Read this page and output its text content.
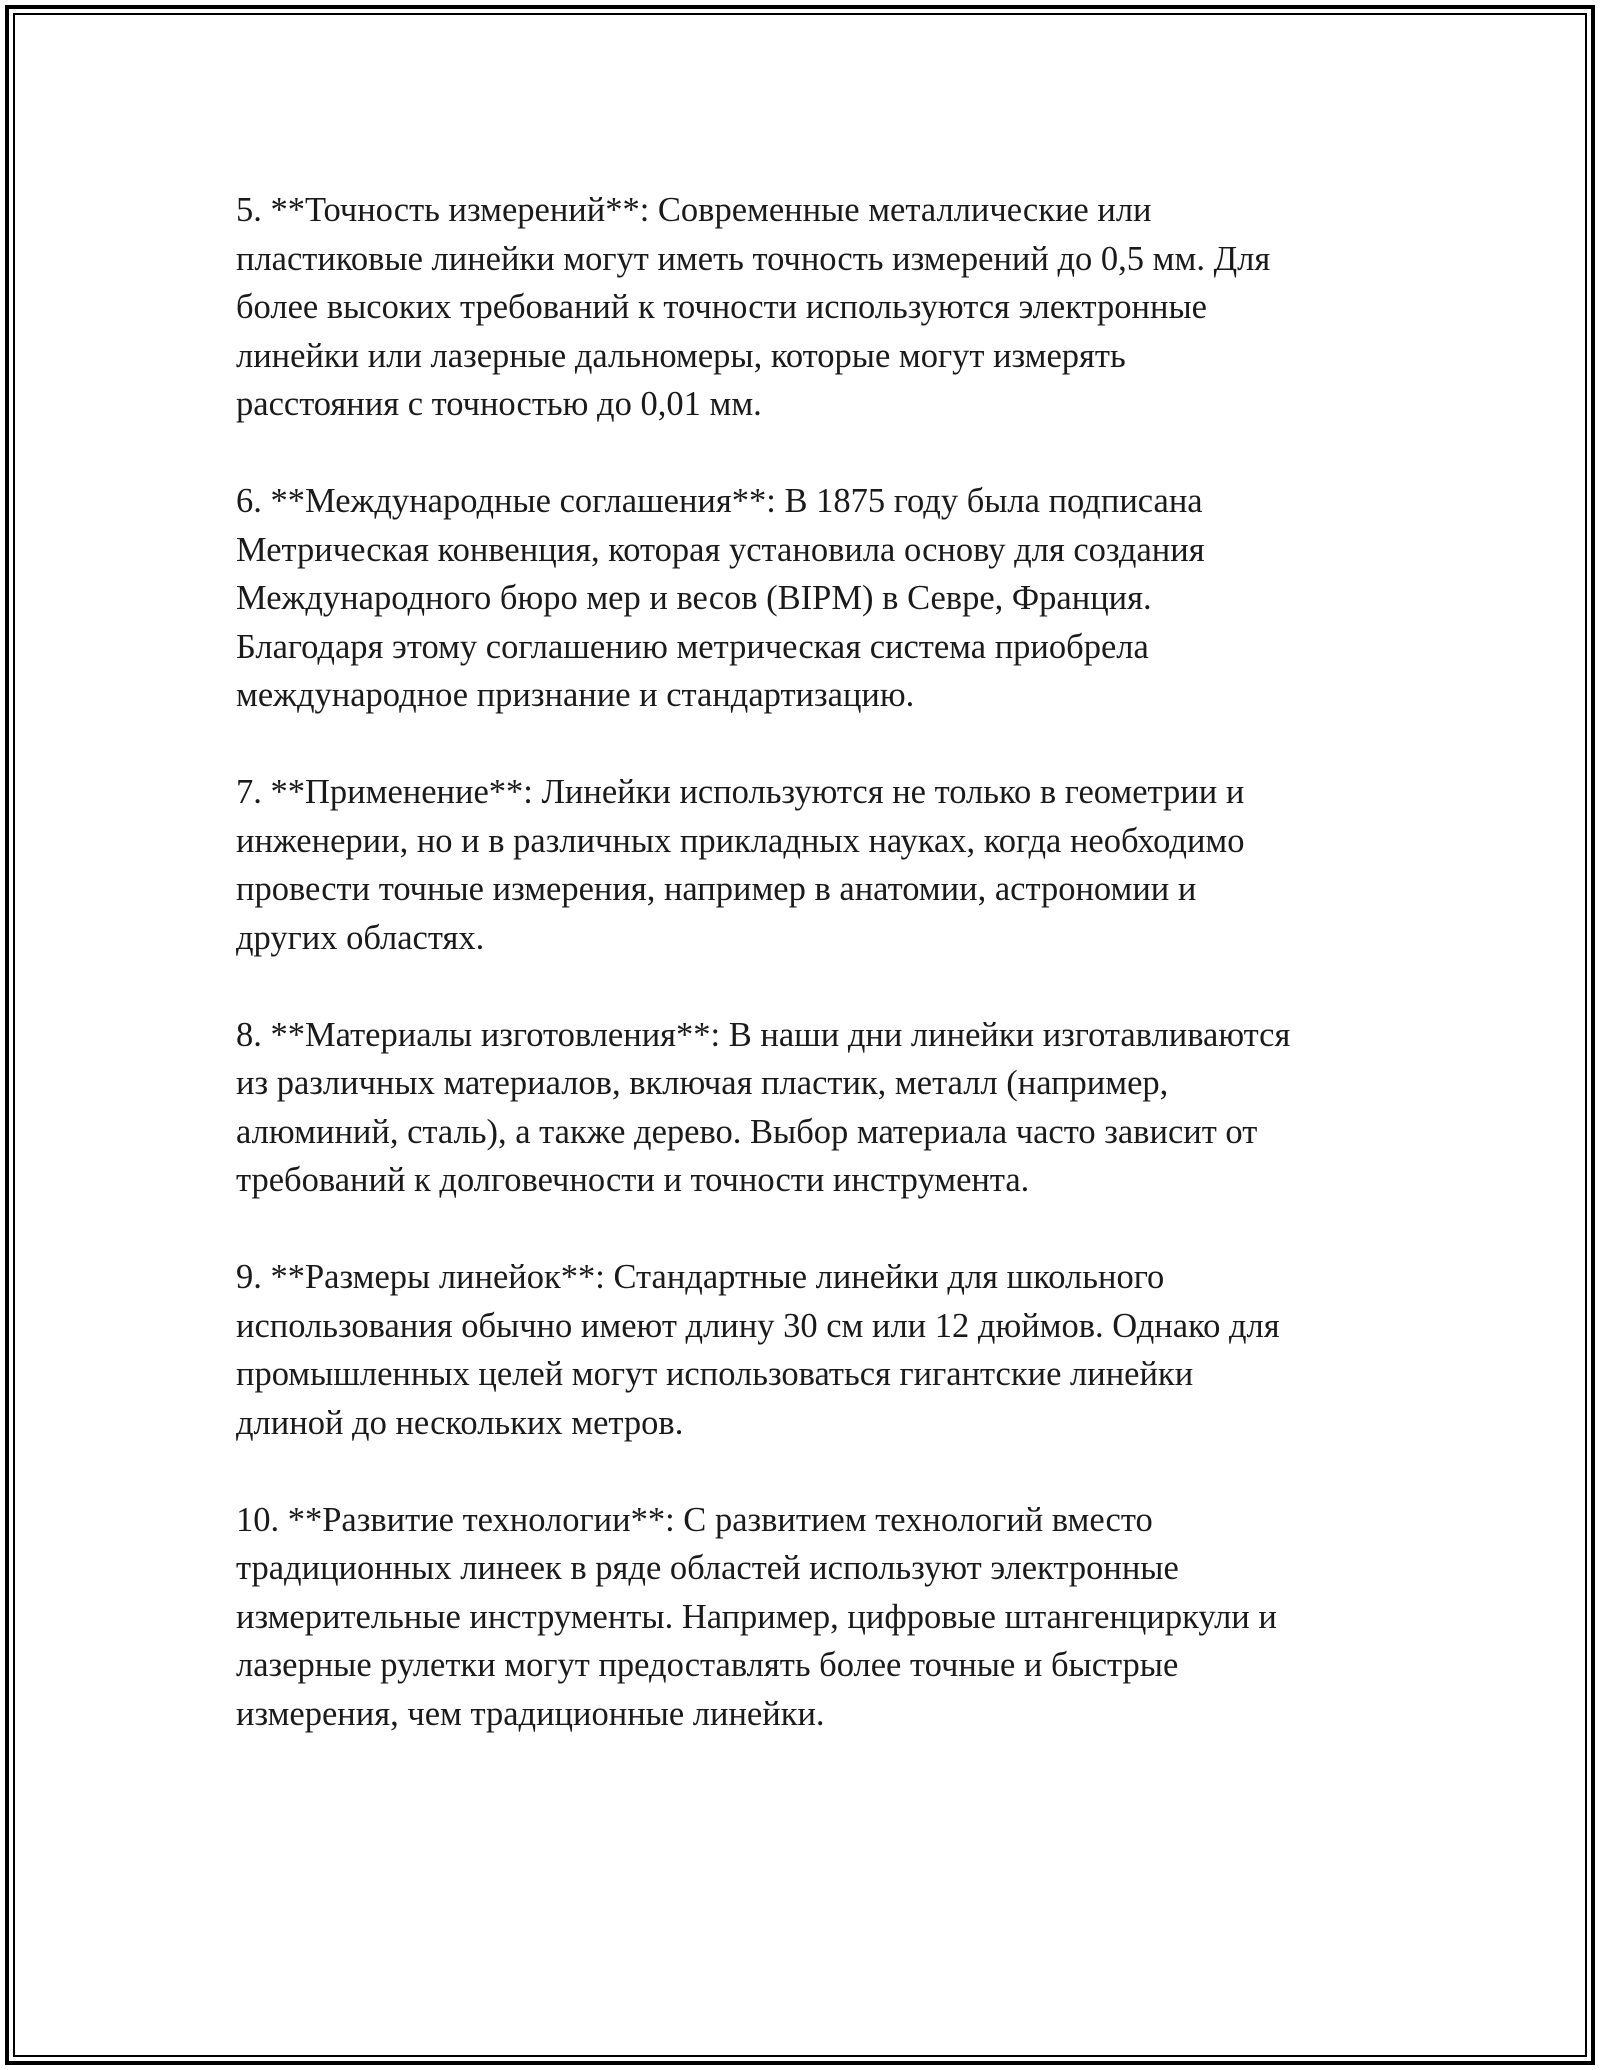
5. **Точность измерений**: Современные металлические или
пластиковые линейки могут иметь точность измерений до 0,5 мм. Для
более высоких требований к точности используются электронные
линейки или лазерные дальномеры, которые могут измерять
расстояния с точностью до 0,01 мм.

6. **Международные соглашения**: В 1875 году была подписана
Метрическая конвенция, которая установила основу для создания
Международного бюро мер и весов (BIPM) в Севре, Франция.
Благодаря этому соглашению метрическая система приобрела
международное признание и стандартизацию.

7. **Применение**: Линейки используются не только в геометрии и
инженерии, но и в различных прикладных науках, когда необходимо
провести точные измерения, например в анатомии, астрономии и
других областях.

8. **Материалы изготовления**: В наши дни линейки изготавливаются
из различных материалов, включая пластик, металл (например,
алюминий, сталь), а также дерево. Выбор материала часто зависит от
требований к долговечности и точности инструмента.

9. **Размеры линейок**: Стандартные линейки для школьного
использования обычно имеют длину 30 см или 12 дюймов. Однако для
промышленных целей могут использоваться гигантские линейки
длиной до нескольких метров.

10. **Развитие технологии**: С развитием технологий вместо
традиционных линеек в ряде областей используют электронные
измерительные инструменты. Например, цифровые штангенциркули и
лазерные рулетки могут предоставлять более точные и быстрые
измерения, чем традиционные линейки.
